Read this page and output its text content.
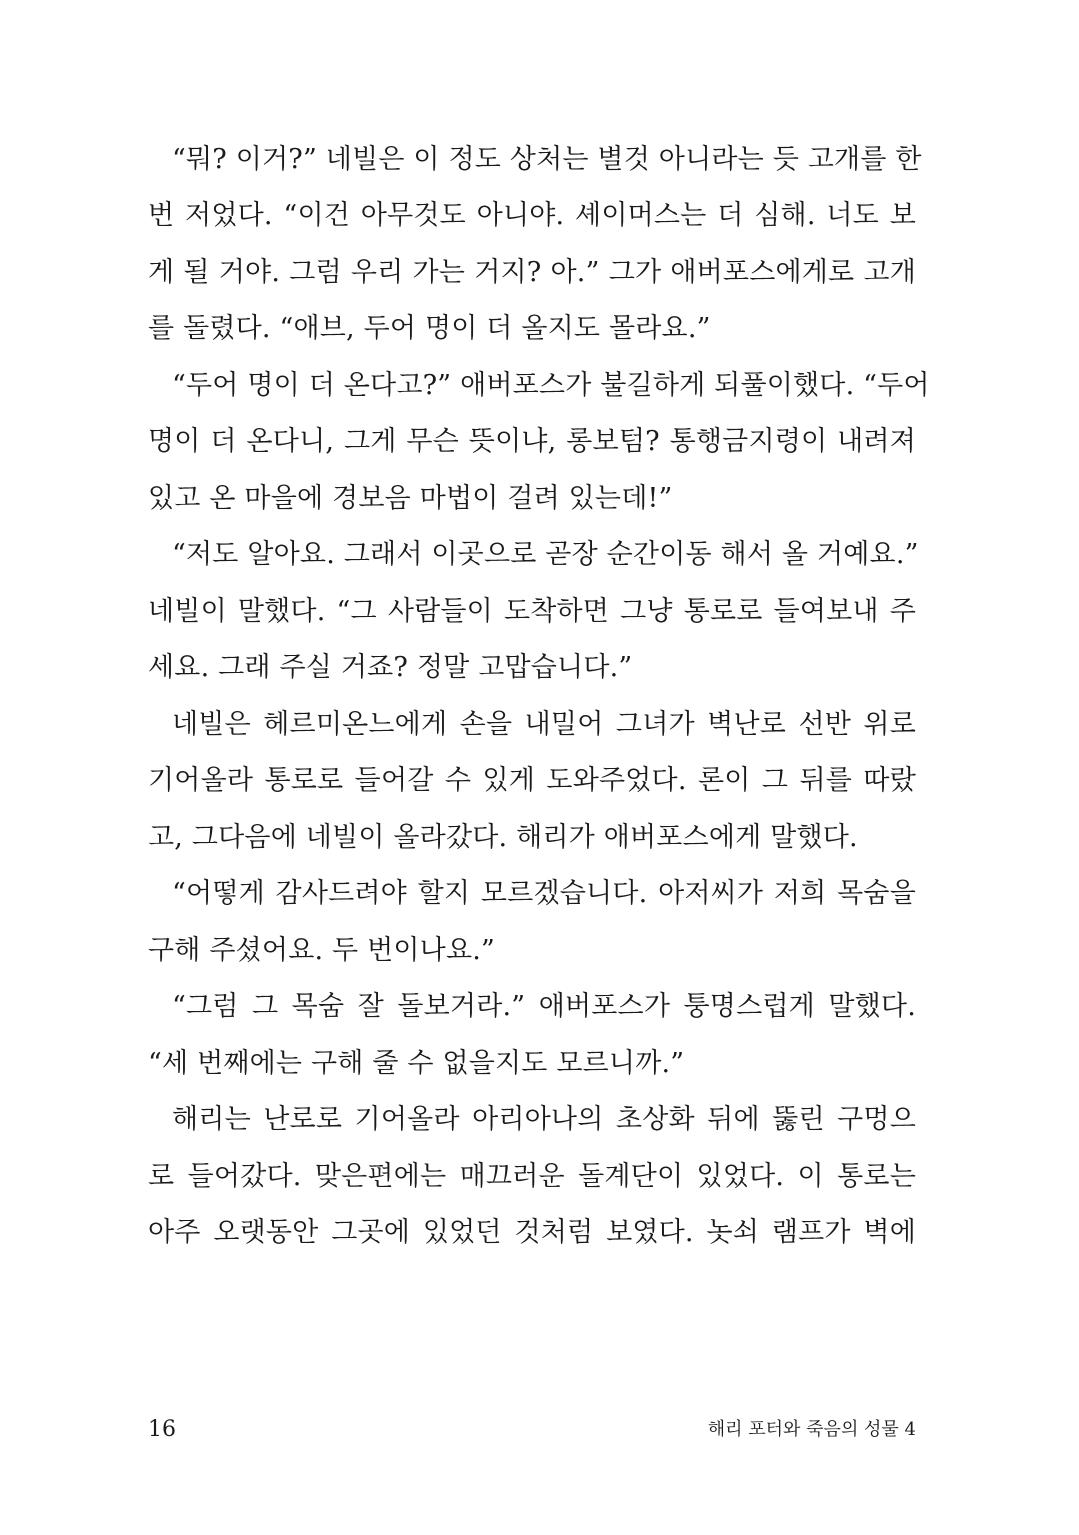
“뭐? 이거?” 네빌은 이 정도 상처는 별것 아니라는 듯 고개를 한
번 저었다. “이건 아무것도 아니야. 셰이머스는 더 심해. 너도 보
게 될 거야. 그럼 우리 가는 거지? 아.” 그가 애버포스에게로 고개
를 돌렸다. “애브, 두어 명이 더 올지도 몰라요.”
“두어 명이 더 온다고?” 애버포스가 불길하게 되풀이했다. “두어
명이 더 온다니, 그게 무슨 뜻이냐, 롱보텀? 통행금지령이 내려져
있고 온 마을에 경보음 마법이 걸려 있는데!”
“저도 알아요. 그래서 이곳으로 곧장 순간이동 해서 올 거예요.”
네빌이 말했다. “그 사람들이 도착하면 그냥 통로로 들여보내 주
세요. 그래 주실 거죠? 정말 고맙습니다.”
네빌은 헤르미온느에게 손을 내밀어 그녀가 벽난로 선반 위로
기어올라 통로로 들어갈 수 있게 도와주었다. 론이 그 뒤를 따랐
고, 그다음에 네빌이 올라갔다. 해리가 애버포스에게 말했다.
“어떻게 감사드려야 할지 모르겠습니다. 아저씨가 저희 목숨을
구해 주셨어요. 두 번이나요.”
“그럼 그 목숨 잘 돌보거라.” 애버포스가 퉁명스럽게 말했다.
“세 번째에는 구해 줄 수 없을지도 모르니까.”
해리는 난로로 기어올라 아리아나의 초상화 뒤에 뚫린 구멍으
로 들어갔다. 맞은편에는 매끄러운 돌계단이 있었다. 이 통로는
아주 오랫동안 그곳에 있었던 것처럼 보였다. 놋쇠 램프가 벽에
16	해리 포터와 죽음의 성물 4
